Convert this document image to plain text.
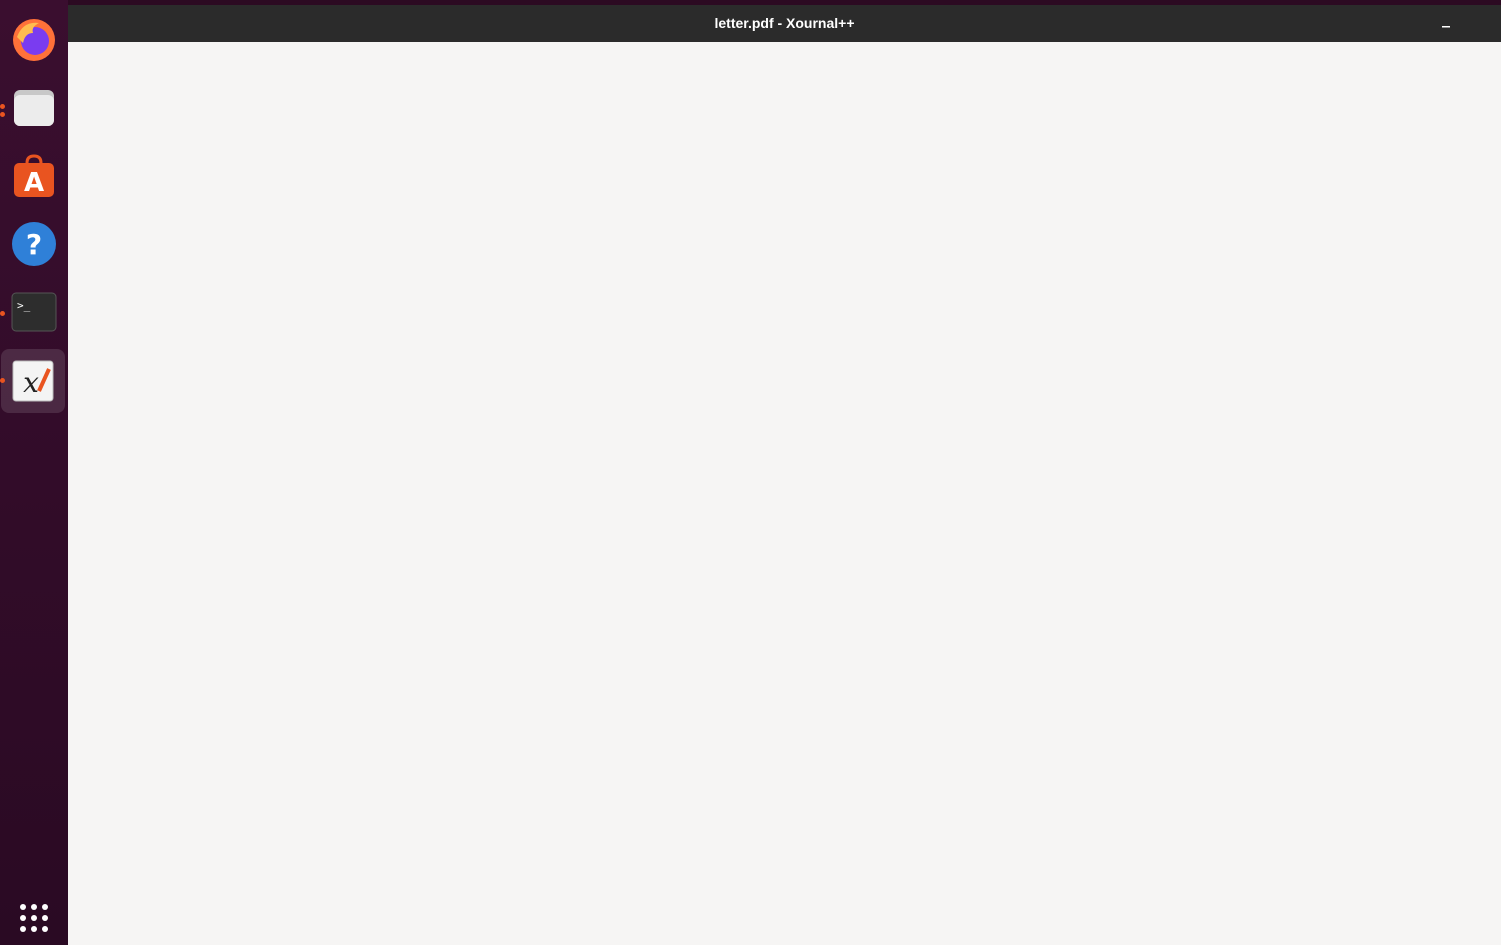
A
?
>_
x
letter.pdf - Xournal++
